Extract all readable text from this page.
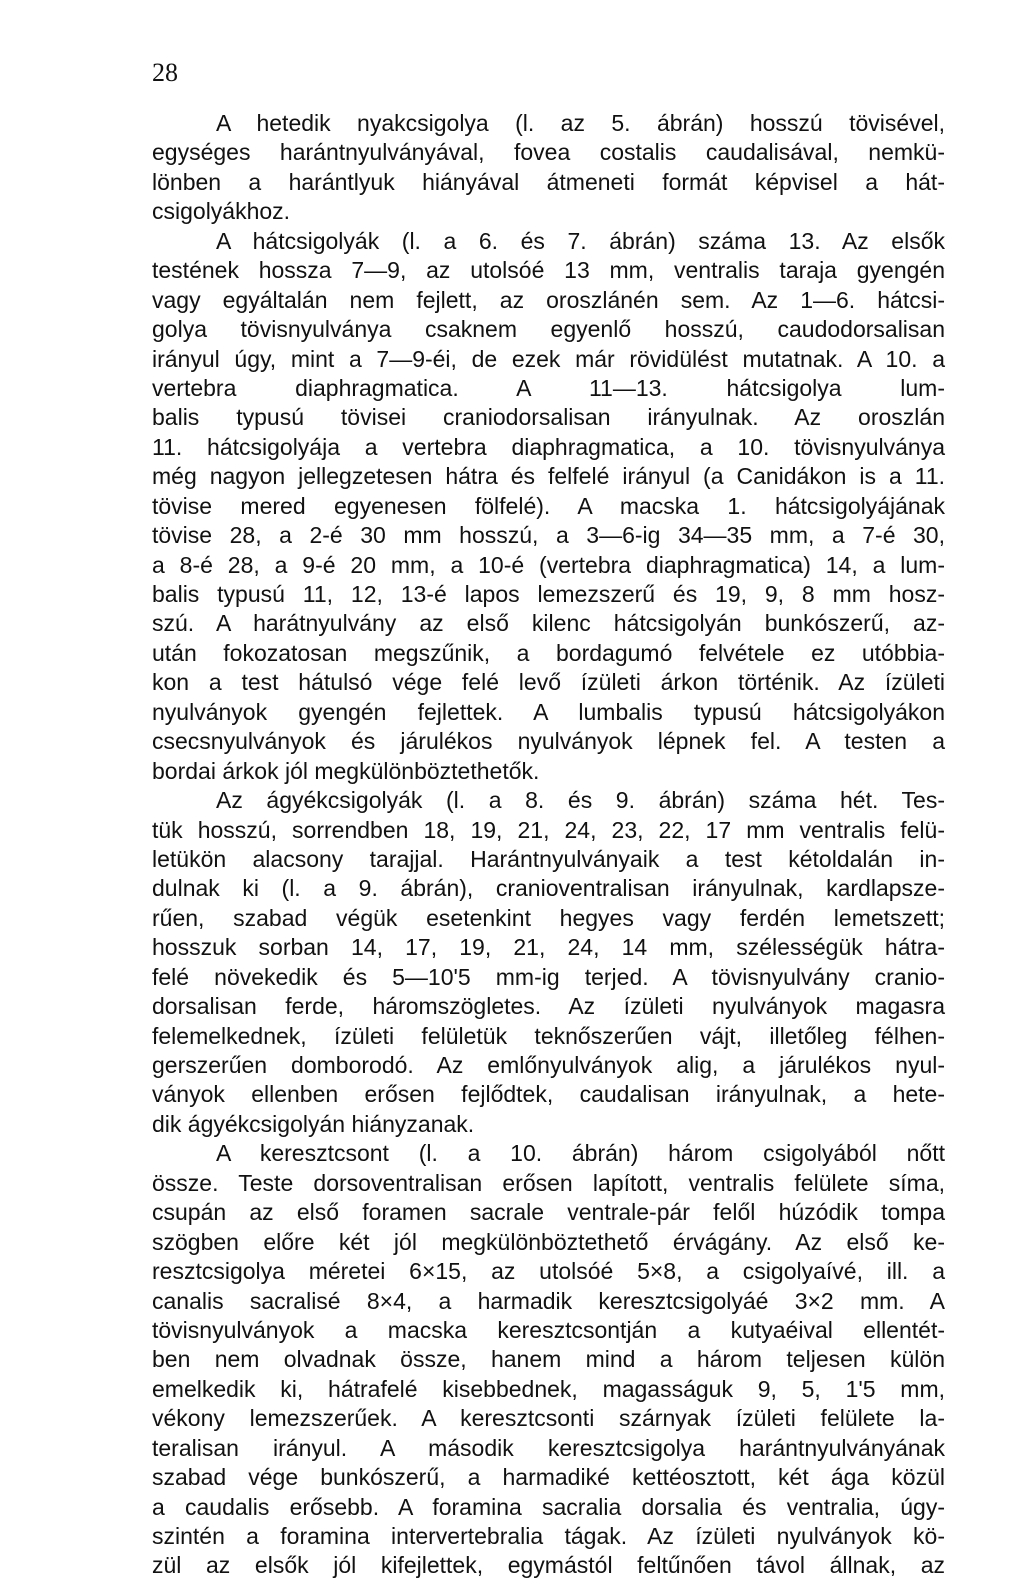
28
A hetedik nyakcsigolya (l. az 5. ábrán) hosszú tövisével,
egységes harántnyulványával, fovea costalis caudalisával, nemkü-
lönben a harántlyuk hiányával átmeneti formát képvisel a hát-
csigolyákhoz.
A hátcsigolyák (l. a 6. és 7. ábrán) száma 13. Az elsők
testének hossza 7—9, az utolsóé 13 mm, ventralis taraja gyengén
vagy egyáltalán nem fejlett, az oroszlánén sem. Az 1—6. hátcsi-
golya tövisnyulványa csaknem egyenlő hosszú, caudodorsalisan
irányul úgy, mint a 7—9-éi, de ezek már rövidülést mutatnak. A 10. a
vertebra diaphragmatica. A 11—13. hátcsigolya lum-
balis typusú tövisei craniodorsalisan irányulnak. Az oroszlán
11. hátcsigolyája a vertebra diaphragmatica, a 10. tövisnyulványa
még nagyon jellegzetesen hátra és felfelé irányul (a Canidákon is a 11.
tövise mered egyenesen fölfelé). A macska 1. hátcsigolyájának
tövise 28, a 2-é 30 mm hosszú, a 3—6-ig 34—35 mm, a 7-é 30,
a 8-é 28, a 9-é 20 mm, a 10-é (vertebra diaphragmatica) 14, a lum-
balis typusú 11, 12, 13-é lapos lemezszerű és 19, 9, 8 mm hosz-
szú. A harátnyulvány az első kilenc hátcsigolyán bunkószerű, az-
után fokozatosan megszűnik, a bordagumó felvétele ez utóbbia-
kon a test hátulsó vége felé levő ízületi árkon történik. Az ízületi
nyulványok gyengén fejlettek. A lumbalis typusú hátcsigolyákon
csecsnyulványok és járulékos nyulványok lépnek fel. A testen a
bordai árkok jól megkülönböztethetők.
Az ágyékcsigolyák (l. a 8. és 9. ábrán) száma hét. Tes-
tük hosszú, sorrendben 18, 19, 21, 24, 23, 22, 17 mm ventralis felü-
letükön alacsony tarajjal. Harántnyulványaik a test kétoldalán in-
dulnak ki (l. a 9. ábrán), cranioventralisan irányulnak, kardlapsze-
rűen, szabad végük esetenkint hegyes vagy ferdén lemetszett;
hosszuk sorban 14, 17, 19, 21, 24, 14 mm, szélességük hátra-
felé növekedik és 5—10'5 mm-ig terjed. A tövisnyulvány cranio-
dorsalisan ferde, háromszögletes. Az ízületi nyulványok magasra
felemelkednek, ízületi felületük teknőszerűen vájt, illetőleg félhen-
gerszerűen domborodó. Az emlőnyulványok alig, a járulékos nyul-
ványok ellenben erősen fejlődtek, caudalisan irányulnak, a hete-
dik ágyékcsigolyán hiányzanak.
A keresztcsont (l. a 10. ábrán) három csigolyából nőtt
össze. Teste dorsoventralisan erősen lapított, ventralis felülete síma,
csupán az első foramen sacrale ventrale-pár felől húzódik tompa
szögben előre két jól megkülönböztethető érvágány. Az első ke-
resztcsigolya méretei 6×15, az utolsóé 5×8, a csigolyaívé, ill. a
canalis sacralisé 8×4, a harmadik keresztcsigolyáé 3×2 mm. A
tövisnyulványok a macska keresztcsontján a kutyaéival ellentét-
ben nem olvadnak össze, hanem mind a három teljesen külön
emelkedik ki, hátrafelé kisebbednek, magasságuk 9, 5, 1'5 mm,
vékony lemezszerűek. A keresztcsonti szárnyak ízületi felülete la-
teralisan irányul. A második keresztcsigolya harántnyulványának
szabad vége bunkószerű, a harmadiké kettéosztott, két ága közül
a caudalis erősebb. A foramina sacralia dorsalia és ventralia, úgy-
szintén a foramina intervertebralia tágak. Az ízületi nyulványok kö-
zül az elsők jól kifejlettek, egymástól feltűnően távol állnak, az
